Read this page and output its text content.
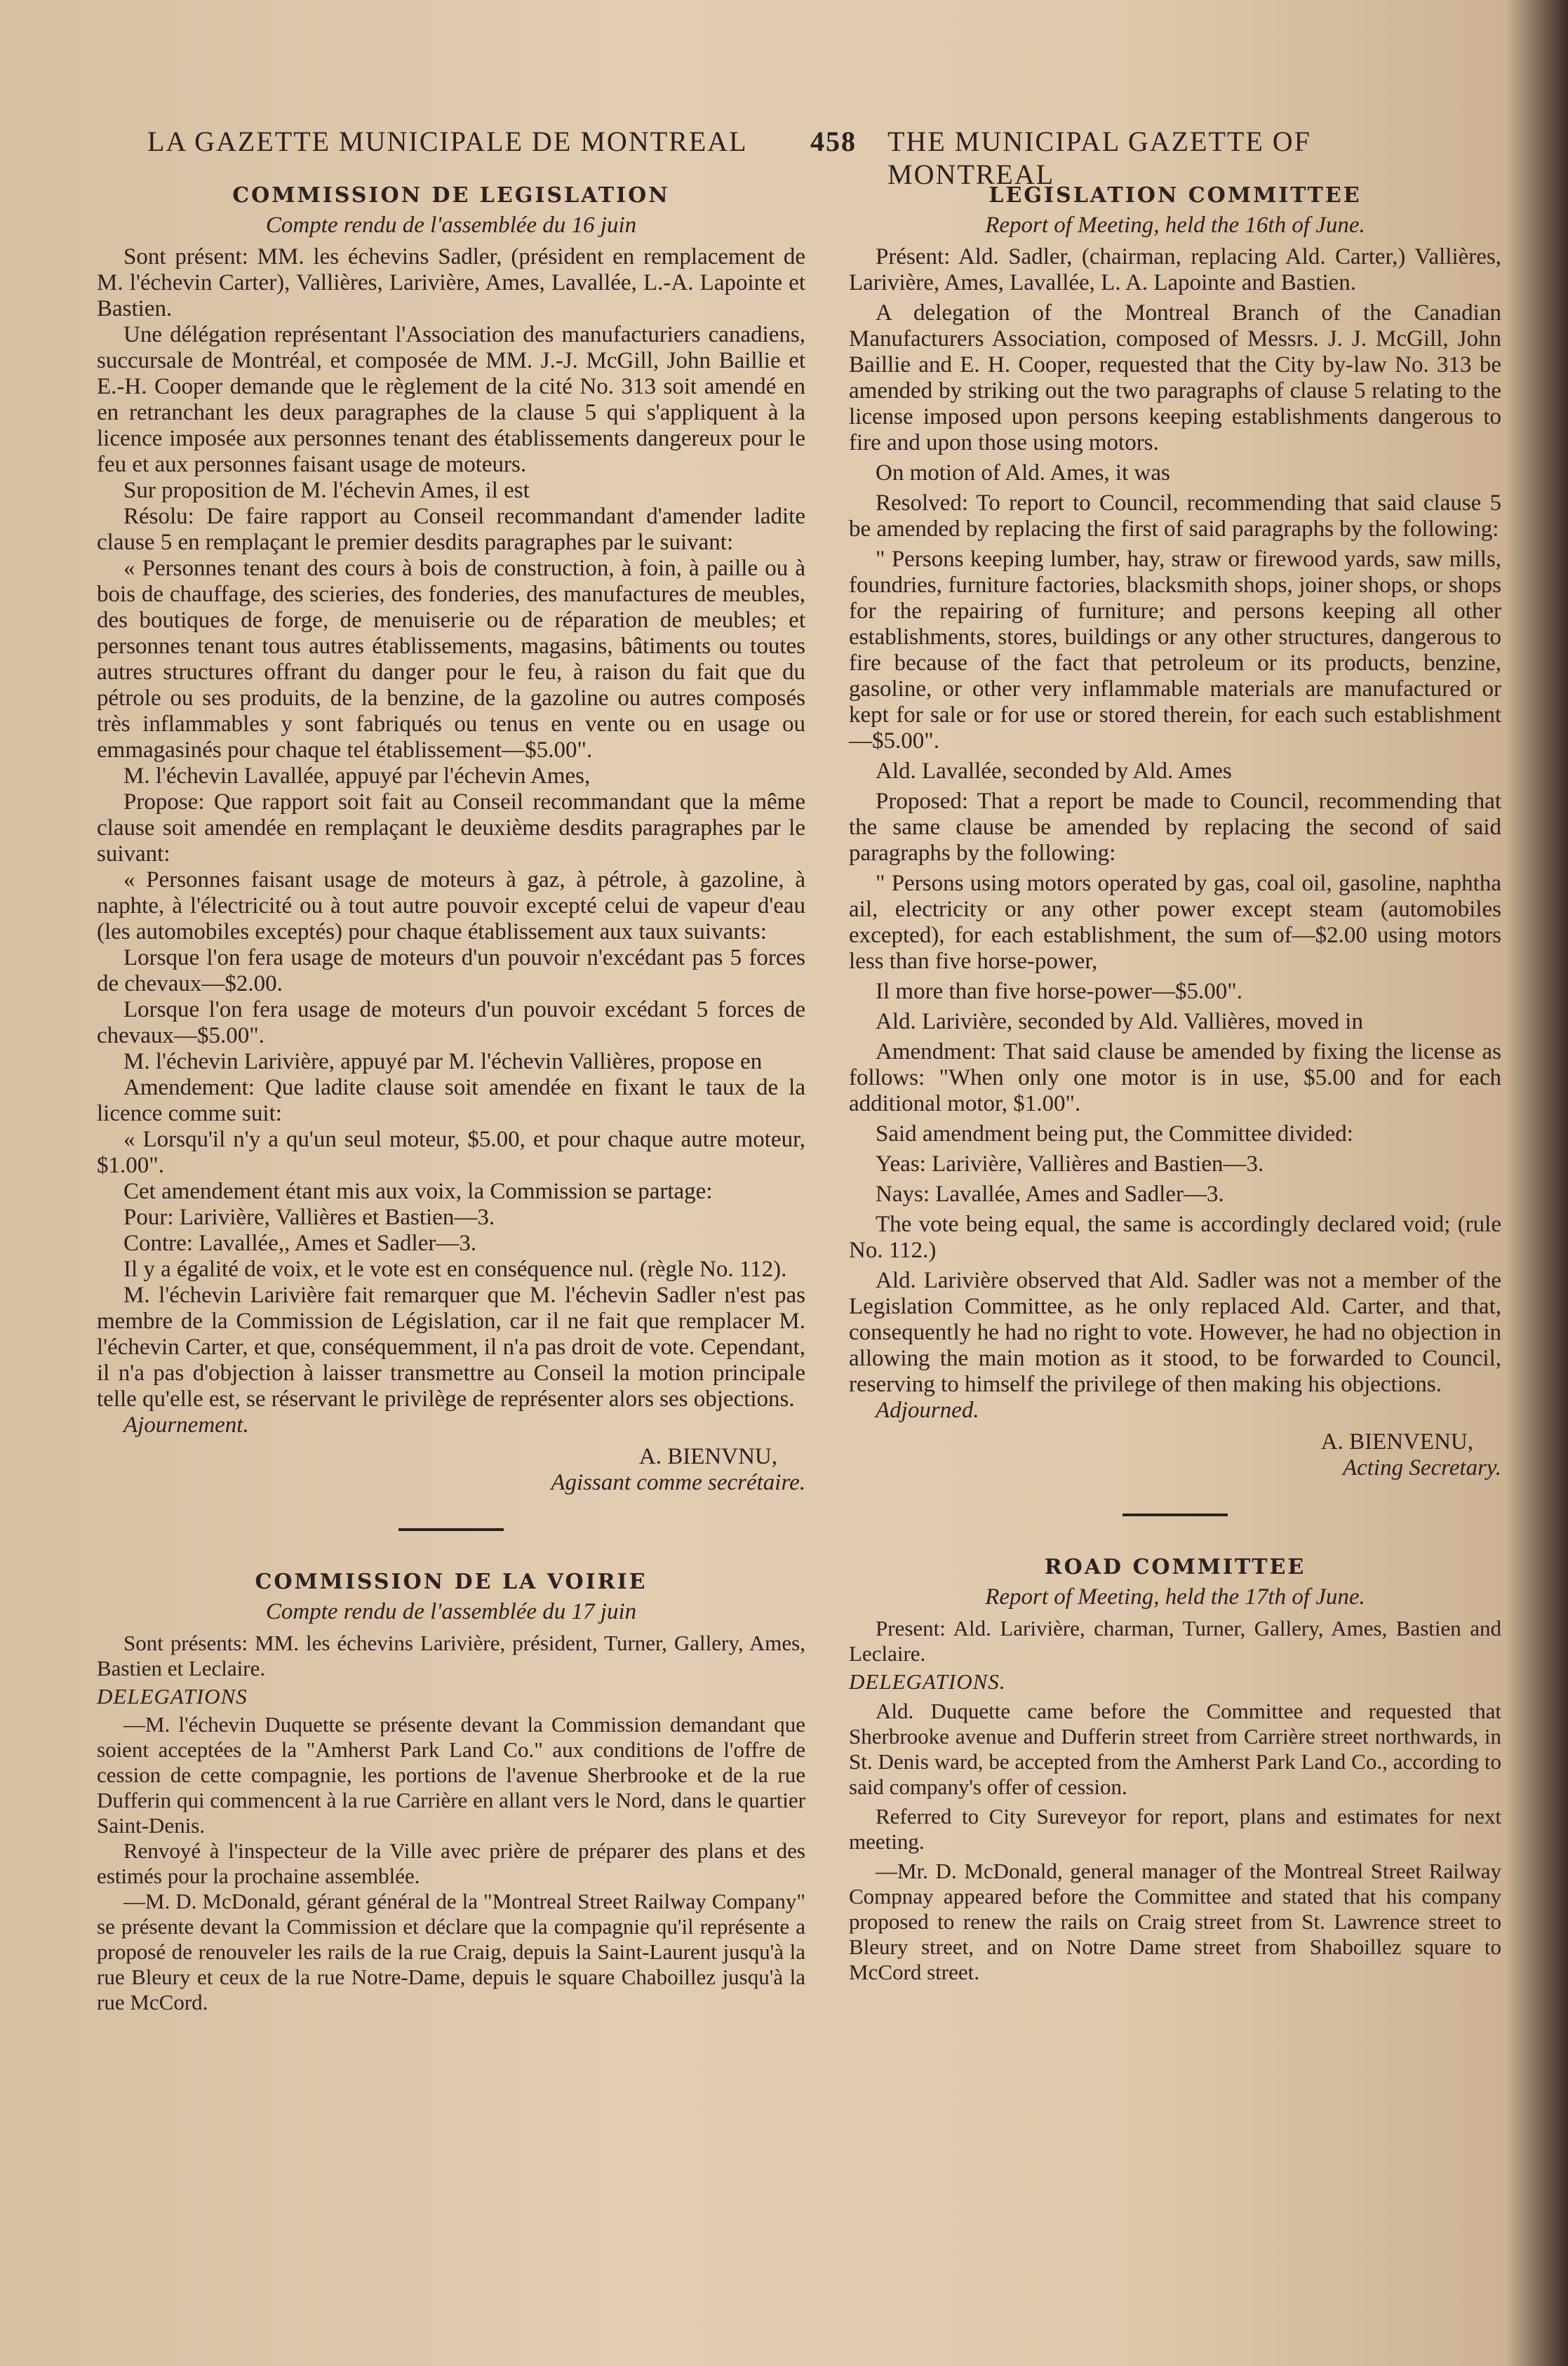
LA GAZETTE MUNICIPALE DE MONTREAL 458 THE MUNICIPAL GAZETTE OF MONTREAL
COMMISSION DE LEGISLATION
Compte rendu de l'assemblée du 16 juin

Sont présent: MM. les échevins Sadler, (président en remplacement de M. l'échevin Carter), Vallières, Larivière, Ames, Lavallée, L.-A. Lapointe et Bastien.

Une délégation représentant l'Association des manufacturiers canadiens, succursale de Montréal, et composée de MM. J.-J. McGill, John Baillie et E.-H. Cooper demande que le règlement de la cité No. 313 soit amendé en en retranchant les deux paragraphes de la clause 5 qui s'appliquent à la licence imposée aux personnes tenant des établissements dangereux pour le feu et aux personnes faisant usage de moteurs.

Sur proposition de M. l'échevin Ames, il est

Résolu: De faire rapport au Conseil recommandant d'amender ladite clause 5 en remplaçant le premier desdits paragraphes par le suivant:

« Personnes tenant des cours à bois de construction, à foin, à paille ou à bois de chauffage, des scieries, des fonderies, des manufactures de meubles, des boutiques de forge, de menuiserie ou de réparation de meubles; et personnes tenant tous autres établissements, magasins, bâtiments ou toutes autres structures offrant du danger pour le feu, à raison du fait que du pétrole ou ses produits, de la benzine, de la gazoline ou autres composés très inflammables y sont fabriqués ou tenus en vente ou en usage ou emmagasinés pour chaque tel établissement—$5.00".

M. l'échevin Lavallée, appuyé par l'échevin Ames,

Propose: Que rapport soit fait au Conseil recommandant que la même clause soit amendée en remplaçant le deuxième desdits paragraphes par le suivant:

« Personnes faisant usage de moteurs à gaz, à pétrole, à gazoline, à naphte, à l'électricité ou à tout autre pouvoir excepté celui de vapeur d'eau (les automobiles exceptés) pour chaque établissement aux taux suivants:

Lorsque l'on fera usage de moteurs d'un pouvoir n'excédant pas 5 forces de chevaux—$2.00.

Lorsque l'on fera usage de moteurs d'un pouvoir excédant 5 forces de chevaux—$5.00".

M. l'échevin Larivière, appuyé par M. l'échevin Vallières, propose en

Amendement: Que ladite clause soit amendée en fixant le taux de la licence comme suit:

« Lorsqu'il n'y a qu'un seul moteur, $5.00, et pour chaque autre moteur, $1.00".

Cet amendement étant mis aux voix, la Commission se partage:

Pour: Larivière, Vallières et Bastien—3.

Contre: Lavallée,, Ames et Sadler—3.

Il y a égalité de voix, et le vote est en conséquence nul. (règle No. 112).

M. l'échevin Larivière fait remarquer que M. l'échevin Sadler n'est pas membre de la Commission de Législation, car il ne fait que remplacer M. l'échevin Carter, et que, conséquemment, il n'a pas droit de vote. Cependant, il n'a pas d'objection à laisser transmettre au Conseil la motion principale telle qu'elle est, se réservant le privilège de représenter alors ses objections.

Ajournement.

A. BIENVNU,

Agissant comme secrétaire.

COMMISSION DE LA VOIRIE
Compte rendu de l'assemblée du 17 juin

Sont présents: MM. les échevins Larivière, président, Turner, Gallery, Ames, Bastien et Leclaire.

DELEGATIONS

—M. l'échevin Duquette se présente devant la Commission demandant que soient acceptées de la "Amherst Park Land Co." aux conditions de l'offre de cession de cette compagnie, les portions de l'avenue Sherbrooke et de la rue Dufferin qui commencent à la rue Carrière en allant vers le Nord, dans le quartier Saint-Denis.

Renvoyé à l'inspecteur de la Ville avec prière de préparer des plans et des estimés pour la prochaine assemblée.

—M. D. McDonald, gérant général de la "Montreal Street Railway Company" se présente devant la Commission et déclare que la compagnie qu'il représente a proposé de renouveler les rails de la rue Craig, depuis la Saint-Laurent jusqu'à la rue Bleury et ceux de la rue Notre-Dame, depuis le square Chaboillez jusqu'à la rue McCord.

LEGISLATION COMMITTEE
Report of Meeting, held the 16th of June.

Présent: Ald. Sadler, (chairman, replacing Ald. Carter,) Vallières, Larivière, Ames, Lavallée, L. A. Lapointe and Bastien.

A delegation of the Montreal Branch of the Canadian Manufacturers Association, composed of Messrs. J. J. McGill, John Baillie and E. H. Cooper, requested that the City by-law No. 313 be amended by striking out the two paragraphs of clause 5 relating to the license imposed upon persons keeping establishments dangerous to fire and upon those using motors.

On motion of Ald. Ames, it was

Resolved: To report to Council, recommending that said clause 5 be amended by replacing the first of said paragraphs by the following:

" Persons keeping lumber, hay, straw or firewood yards, saw mills, foundries, furniture factories, blacksmith shops, joiner shops, or shops for the repairing of furniture; and persons keeping all other establishments, stores, buildings or any other structures, dangerous to fire because of the fact that petroleum or its products, benzine, gasoline, or other very inflammable materials are manufactured or kept for sale or for use or stored therein, for each such establishment—$5.00".

Ald. Lavallée, seconded by Ald. Ames

Proposed: That a report be made to Council, recommending that the same clause be amended by replacing the second of said paragraphs by the following:

" Persons using motors operated by gas, coal oil, gasoline, naphtha ail, electricity or any other power except steam (automobiles excepted), for each establishment, the sum of—$2.00 using motors less than five horse-power,

Il more than five horse-power—$5.00".

Ald. Larivière, seconded by Ald. Vallières, moved in

Amendment: That said clause be amended by fixing the license as follows: "When only one motor is in use, $5.00 and for each additional motor, $1.00".

Said amendment being put, the Committee divided:

Yeas: Larivière, Vallières and Bastien—3.

Nays: Lavallée, Ames and Sadler—3.

The vote being equal, the same is accordingly declared void; (rule No. 112.)

Ald. Larivière observed that Ald. Sadler was not a member of the Legislation Committee, as he only replaced Ald. Carter, and that, consequently he had no right to vote. However, he had no objection in allowing the main motion as it stood, to be forwarded to Council, reserving to himself the privilege of then making his objections.

Adjourned.

A. BIENVENU,

Acting Secretary.

ROAD COMMITTEE
Report of Meeting, held the 17th of June.

Present: Ald. Larivière, charman, Turner, Gallery, Ames, Bastien and Leclaire.

DELEGATIONS.

Ald. Duquette came before the Committee and requested that Sherbrooke avenue and Dufferin street from Carrière street northwards, in St. Denis ward, be accepted from the Amherst Park Land Co., according to said company's offer of cession.

Referred to City Sureveyor for report, plans and estimates for next meeting.

—Mr. D. McDonald, general manager of the Montreal Street Railway Compnay appeared before the Committee and stated that his company proposed to renew the rails on Craig street from St. Lawrence street to Bleury street, and on Notre Dame street from Shaboillez square to McCord street.
